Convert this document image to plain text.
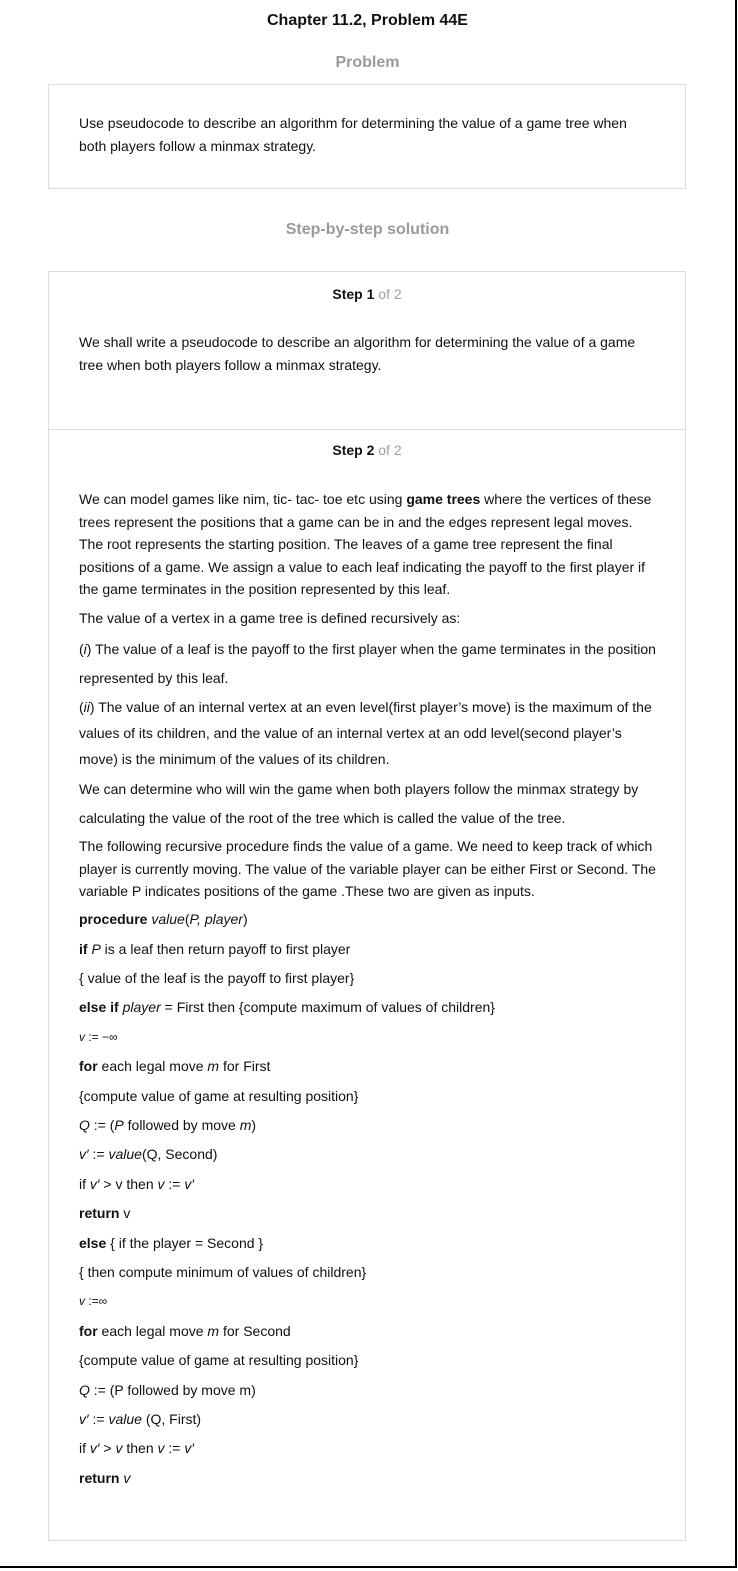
Chapter 11.2, Problem 44E
Problem
Use pseudocode to describe an algorithm for determining the value of a game tree when both players follow a minmax strategy.
Step-by-step solution
Step 1 of 2
We shall write a pseudocode to describe an algorithm for determining the value of a game tree when both players follow a minmax strategy.
Step 2 of 2
We can model games like nim, tic- tac- toe etc using game trees where the vertices of these trees represent the positions that a game can be in and the edges represent legal moves. The root represents the starting position. The leaves of a game tree represent the final positions of a game. We assign a value to each leaf indicating the payoff to the first player if the game terminates in the position represented by this leaf.
The value of a vertex in a game tree is defined recursively as:
(i) The value of a leaf is the payoff to the first player when the game terminates in the position represented by this leaf.
(ii) The value of an internal vertex at an even level(first player’s move) is the maximum of the values of its children, and the value of an internal vertex at an odd level(second player’s move) is the minimum of the values of its children.
We can determine who will win the game when both players follow the minmax strategy by calculating the value of the root of the tree which is called the value of the tree.
The following recursive procedure finds the value of a game. We need to keep track of which player is currently moving. The value of the variable player can be either First or Second. The variable P indicates positions of the game .These two are given as inputs.
procedure value(P, player)
if P is a leaf then return payoff to first player
{ value of the leaf is the payoff to first player}
else if player = First then {compute maximum of values of children}
v := −∞
for each legal move m for First
{compute value of game at resulting position}
Q := (P followed by move m)
v′ := value(Q, Second)
if v′ > v then v := v′
return v
else { if the player = Second }
{ then compute minimum of values of children}
v :=∞
for each legal move m for Second
{compute value of game at resulting position}
Q := (P followed by move m)
v′ := value (Q, First)
if v′ > v then v := v′
return v
